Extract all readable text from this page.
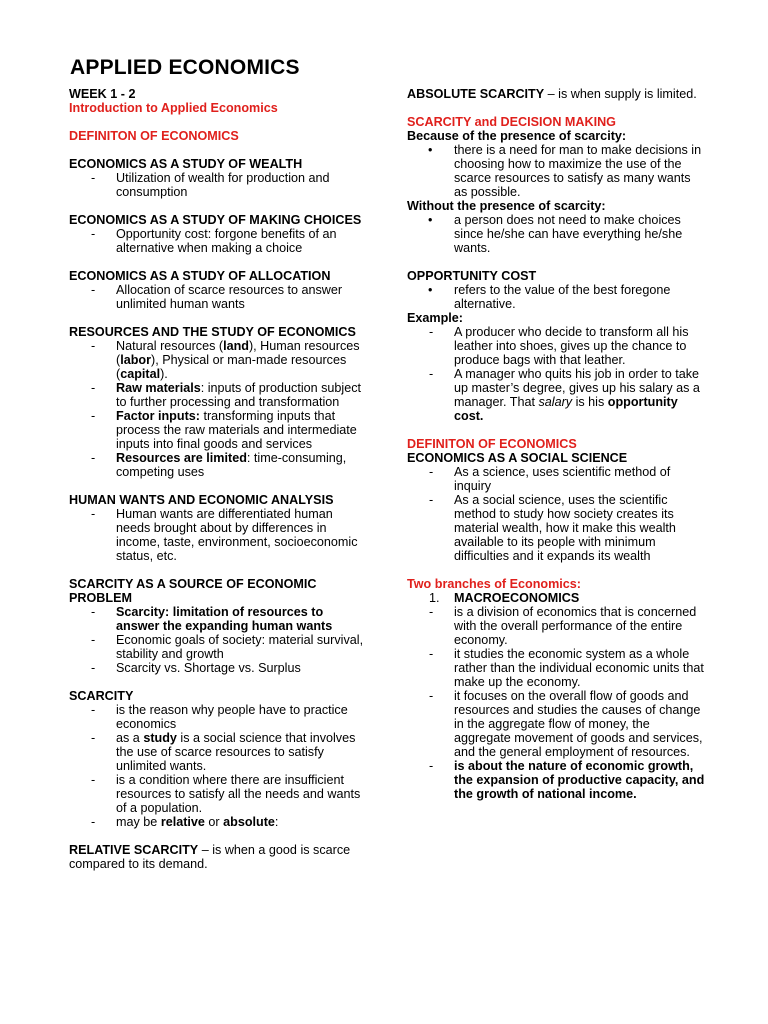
APPLIED ECONOMICS

WEEK 1 - 2

Introduction to Applied Economics

DEFINITON OF ECONOMICS

ECONOMICS AS A STUDY OF WEALTH

- Utilization of wealth for production and consumption

ECONOMICS AS A STUDY OF MAKING CHOICES

- Opportunity cost: forgone benefits of an alternative when making a choice

ECONOMICS AS A STUDY OF ALLOCATION

- Allocation of scarce resources to answer unlimited human wants

RESOURCES AND THE STUDY OF ECONOMICS

- Natural resources (land), Human resources (labor), Physical or man-made resources (capital).
- Raw materials: inputs of production subject to further processing and transformation
- Factor inputs: transforming inputs that process the raw materials and intermediate inputs into final goods and services
- Resources are limited: time-consuming, competing uses

HUMAN WANTS AND ECONOMIC ANALYSIS

- Human wants are differentiated human needs brought about by differences in income, taste, environment, socioeconomic status, etc.

SCARCITY AS A SOURCE OF ECONOMIC PROBLEM

- Scarcity: limitation of resources to answer the expanding human wants
- Economic goals of society: material survival, stability and growth
- Scarcity vs. Shortage vs. Surplus

SCARCITY

- is the reason why people have to practice economics
- as a study is a social science that involves the use of scarce resources to satisfy unlimited wants.
- is a condition where there are insufficient resources to satisfy all the needs and wants of a population.
- may be relative or absolute:

RELATIVE SCARCITY – is when a good is scarce compared to its demand.

ABSOLUTE SCARCITY – is when supply is limited.

SCARCITY and DECISION MAKING

Because of the presence of scarcity:

• there is a need for man to make decisions in choosing how to maximize the use of the scarce resources to satisfy as many wants as possible.

Without the presence of scarcity:

• a person does not need to make choices since he/she can have everything he/she wants.

OPPORTUNITY COST

• refers to the value of the best foregone alternative.

Example:

- A producer who decide to transform all his leather into shoes, gives up the chance to produce bags with that leather.
- A manager who quits his job in order to take up master’s degree, gives up his salary as a manager. That salary is his opportunity cost.

DEFINITON OF ECONOMICS

ECONOMICS AS A SOCIAL SCIENCE

- As a science, uses scientific method of inquiry
- As a social science, uses the scientific method to study how society creates its material wealth, how it make this wealth available to its people with minimum difficulties and it expands its wealth

Two branches of Economics:

1. MACROECONOMICS
- is a division of economics that is concerned with the overall performance of the entire economy.
- it studies the economic system as a whole rather than the individual economic units that make up the economy.
- it focuses on the overall flow of goods and resources and studies the causes of change in the aggregate flow of money, the aggregate movement of goods and services, and the general employment of resources.
- is about the nature of economic growth, the expansion of productive capacity, and the growth of national income.
